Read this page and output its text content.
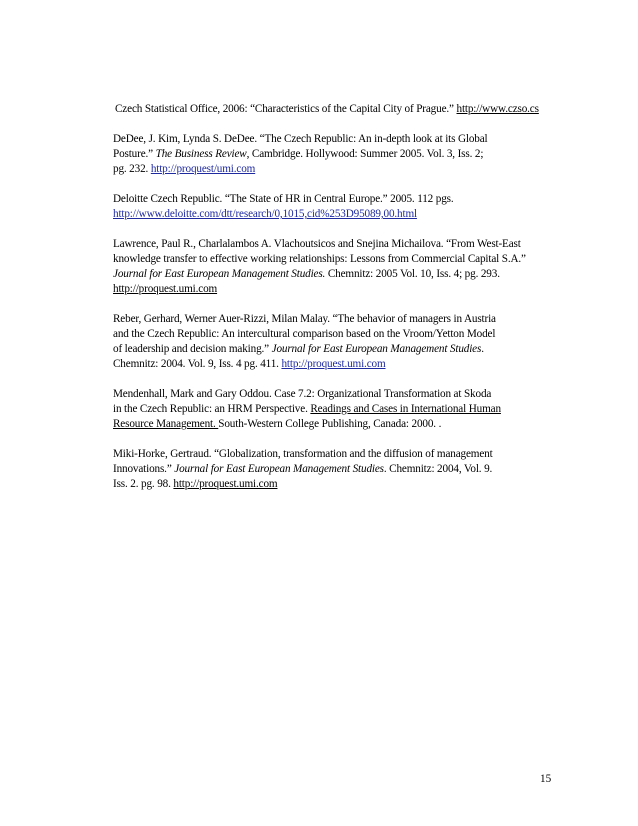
Czech Statistical Office, 2006: “Characteristics of the Capital City of Prague.” http://www.czso.cs
DeDee, J. Kim, Lynda S. DeDee. “The Czech Republic: An in-depth look at its Global
Posture.” The Business Review, Cambridge. Hollywood: Summer 2005. Vol. 3, Iss. 2;
pg. 232. http://proquest/umi.com
Deloitte Czech Republic. “The State of HR in Central Europe.” 2005. 112 pgs.
http://www.deloitte.com/dtt/research/0,1015,cid%253D95089,00.html
Lawrence, Paul R., Charlalambos A. Vlachoutsicos and Snejina Michailova. “From West-East
knowledge transfer to effective working relationships: Lessons from Commercial Capital S.A.”
Journal for East European Management Studies. Chemnitz: 2005 Vol. 10, Iss. 4; pg. 293.
http://proquest.umi.com
Reber, Gerhard, Werner Auer-Rizzi, Milan Malay. “The behavior of managers in Austria
and the Czech Republic: An intercultural comparison based on the Vroom/Yetton Model
of leadership and decision making.” Journal for East European Management Studies.
Chemnitz: 2004. Vol. 9, Iss. 4 pg. 411. http://proquest.umi.com
Mendenhall, Mark and Gary Oddou. Case 7.2: Organizational Transformation at Skoda
in the Czech Republic: an HRM Perspective. Readings and Cases in International Human
Resource Management. South-Western College Publishing, Canada: 2000. .
Miki-Horke, Gertraud. “Globalization, transformation and the diffusion of management
Innovations.” Journal for East European Management Studies. Chemnitz: 2004, Vol. 9.
Iss. 2. pg. 98. http://proquest.umi.com
15
